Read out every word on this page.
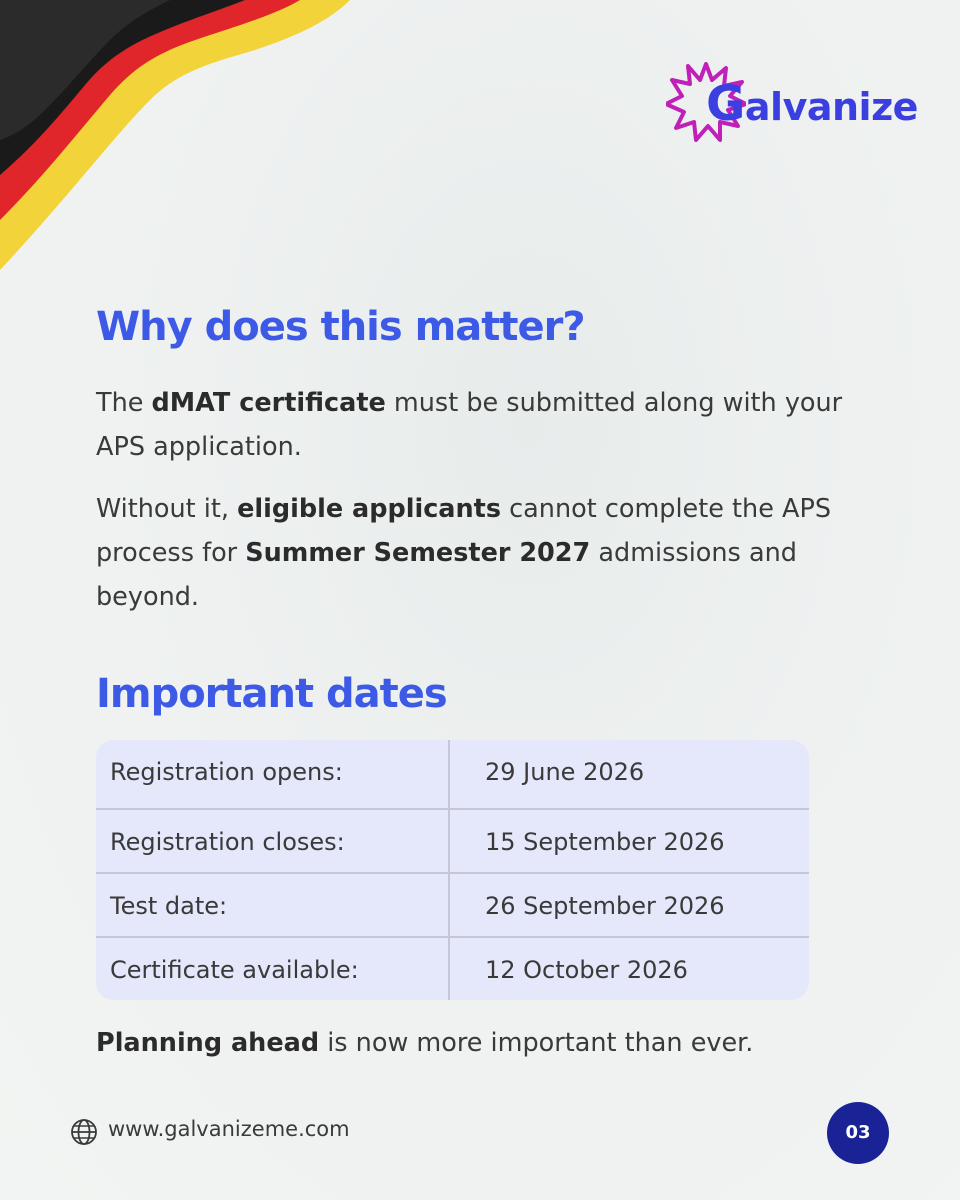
Galvanize
Why does this matter?

The dMAT certificate must be submitted along with your APS application.

Without it, eligible applicants cannot complete the APS process for Summer Semester 2027 admissions and beyond.

Important dates
Registration opens:	29 June 2026
Registration closes:	15 September 2026
Test date:	26 September 2026
Certificate available:	12 October 2026

Planning ahead is now more important than ever.

www.galvanizeme.com	03
